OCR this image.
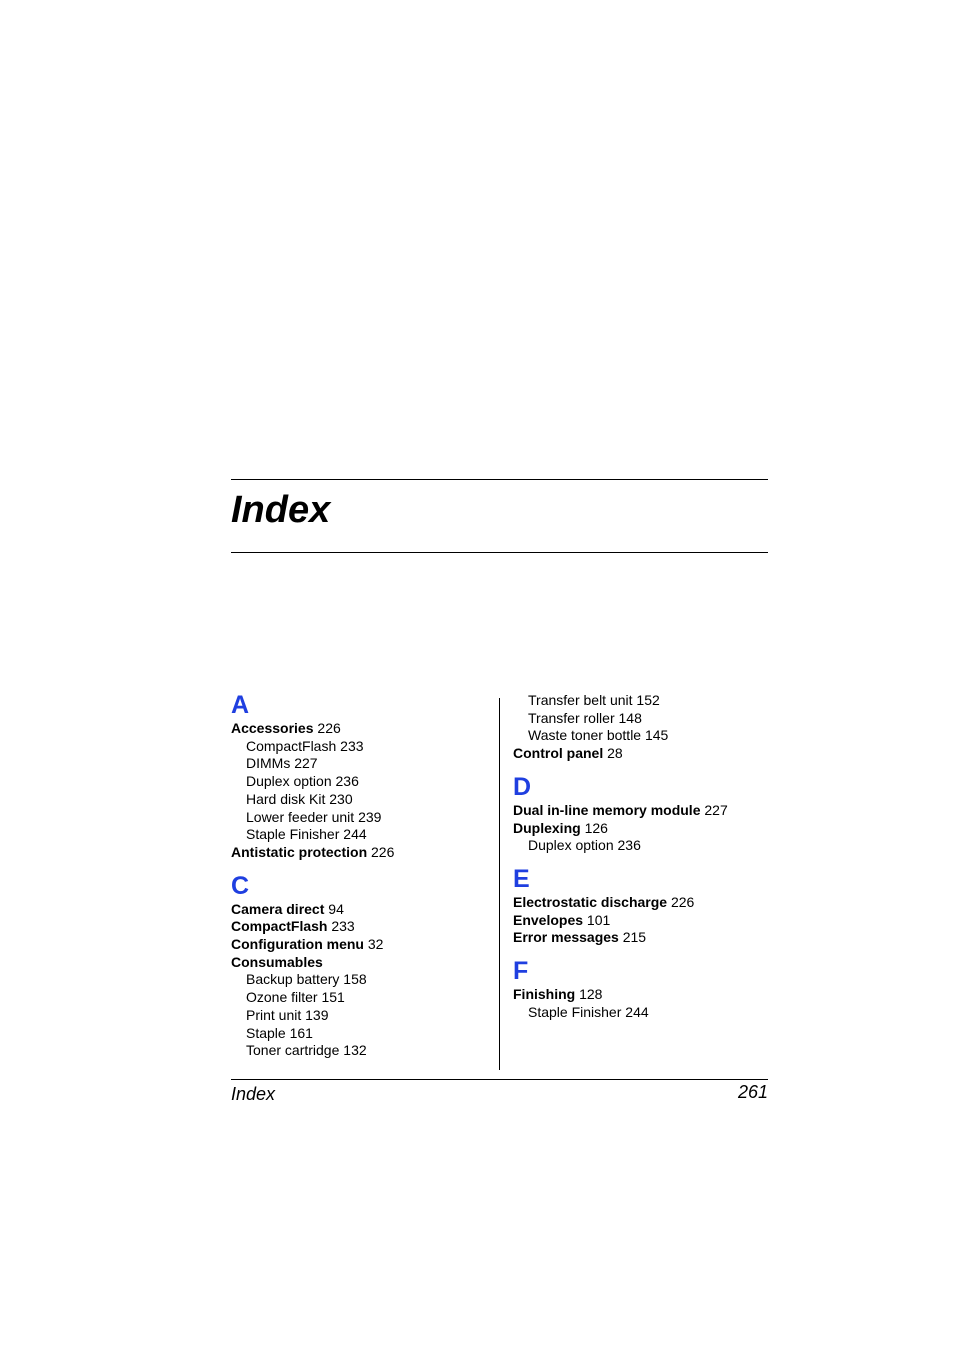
Index
A
Accessories 226
CompactFlash 233
DIMMs 227
Duplex option 236
Hard disk Kit 230
Lower feeder unit 239
Staple Finisher 244
Antistatic protection 226
C
Camera direct 94
CompactFlash 233
Configuration menu 32
Consumables
Backup battery 158
Ozone filter 151
Print unit 139
Staple 161
Toner cartridge 132
Transfer belt unit 152
Transfer roller 148
Waste toner bottle 145
Control panel 28
D
Dual in-line memory module 227
Duplexing 126
Duplex option 236
E
Electrostatic discharge 226
Envelopes 101
Error messages 215
F
Finishing 128
Staple Finisher 244
Index	261
